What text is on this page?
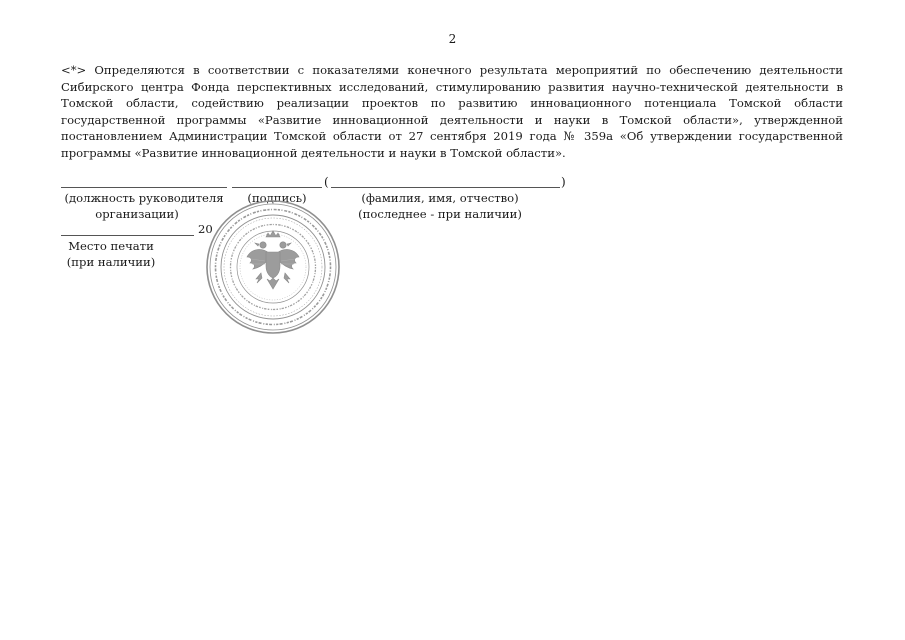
2
<*> Определяются в соответствии с показателями конечного результата мероприятий по обеспечению деятельности Сибирского центра Фонда перспективных исследований, стимулированию развития научно-технической деятельности в Томской области, содействию реализации проектов по развитию инновационного потенциала Томской области государственной программы «Развитие инновационной деятельности и науки в Томской области», утвержденной постановлением Администрации Томской области от 27 сентября 2019 года № 359а «Об утверждении государственной программы «Развитие инновационной деятельности и науки в Томской области».
(	)
(должность руководителя
организации)
(подпись)	(фамилия, имя, отчество)
(последнее - при наличии)
20
Место печати
(при наличии)
